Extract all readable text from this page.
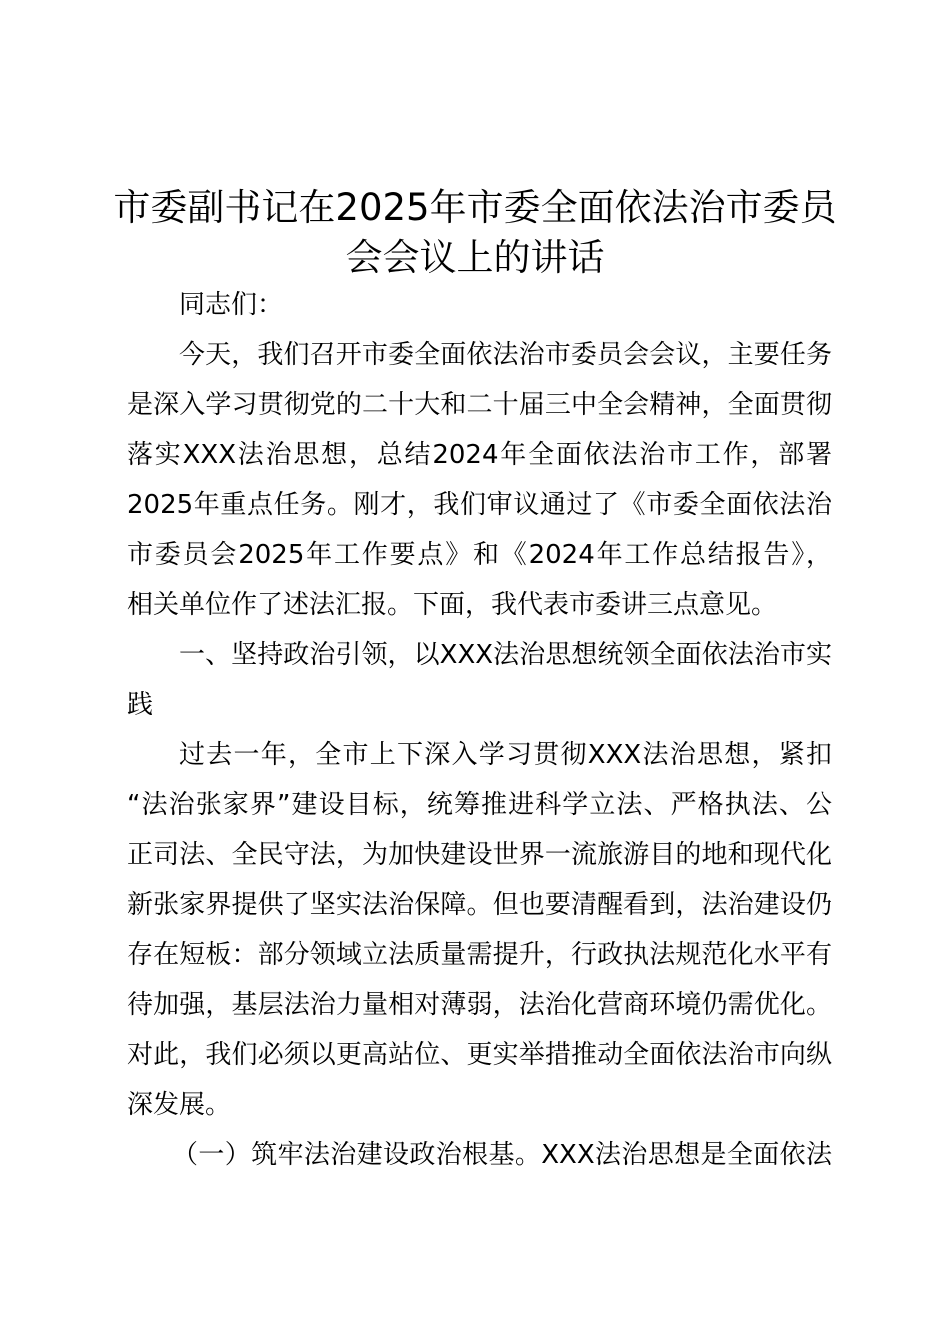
市委副书记在2025年市委全面依法治市委员
会会议上的讲话

同志们：

今天，我们召开市委全面依法治市委员会会议，主要任务

是深入学习贯彻党的二十大和二十届三中全会精神，全面贯彻

落实XXX法治思想，总结2024年全面依法治市工作，部署

2025年重点任务。刚才，我们审议通过了《市委全面依法治

市委员会2025年工作要点》和《2024年工作总结报告》，

相关单位作了述法汇报。下面，我代表市委讲三点意见。

一、坚持政治引领，以XXX法治思想统领全面依法治市实

践

过去一年，全市上下深入学习贯彻XXX法治思想，紧扣

“法治张家界”建设目标，统筹推进科学立法、严格执法、公

正司法、全民守法，为加快建设世界一流旅游目的地和现代化

新张家界提供了坚实法治保障。但也要清醒看到，法治建设仍

存在短板：部分领域立法质量需提升，行政执法规范化水平有

待加强，基层法治力量相对薄弱，法治化营商环境仍需优化。

对此，我们必须以更高站位、更实举措推动全面依法治市向纵

深发展。

（一）筑牢法治建设政治根基。XXX法治思想是全面依法
